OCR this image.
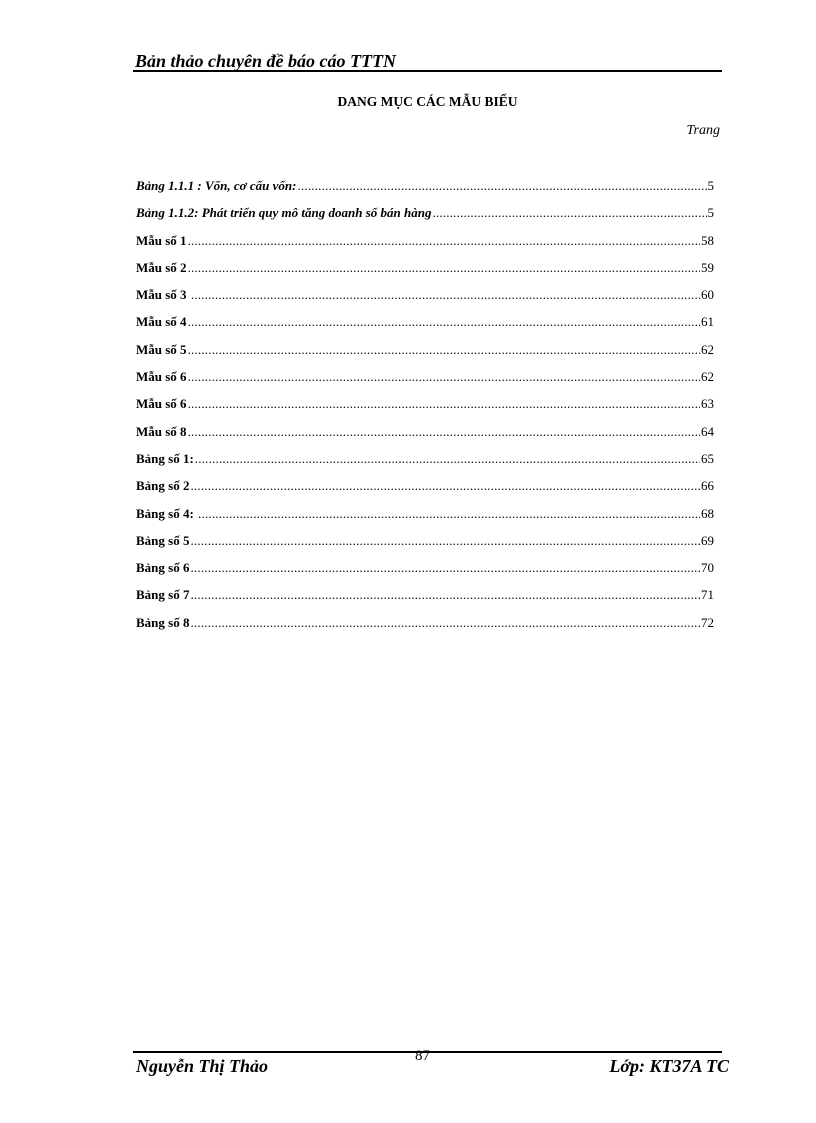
Bản thảo chuyên đề báo cáo TTTN
DANG MỤC CÁC MẪU BIỂU
Trang
Bảng 1.1.1 : Vốn, cơ cấu vốn: .....	5
Bảng 1.1.2: Phát triển quy mô tăng doanh số bán hàng .....	5
Mẫu số 1 .....	58
Mẫu số 2 .....	59
Mẫu số 3 .....	60
Mẫu số 4 .....	61
Mẫu số 5 .....	62
Mẫu số 6 .....	62
Mẫu số 6 .....	63
Mẫu số 8 .....	64
Bảng số 1: .....	65
Bảng số 2 .....	66
Bảng số 4: .....	68
Bảng số 5 .....	69
Bảng số 6 .....	70
Bảng số 7 .....	71
Bảng số 8 .....	72
Nguyễn Thị Thảo	87	Lớp: KT37A TC
